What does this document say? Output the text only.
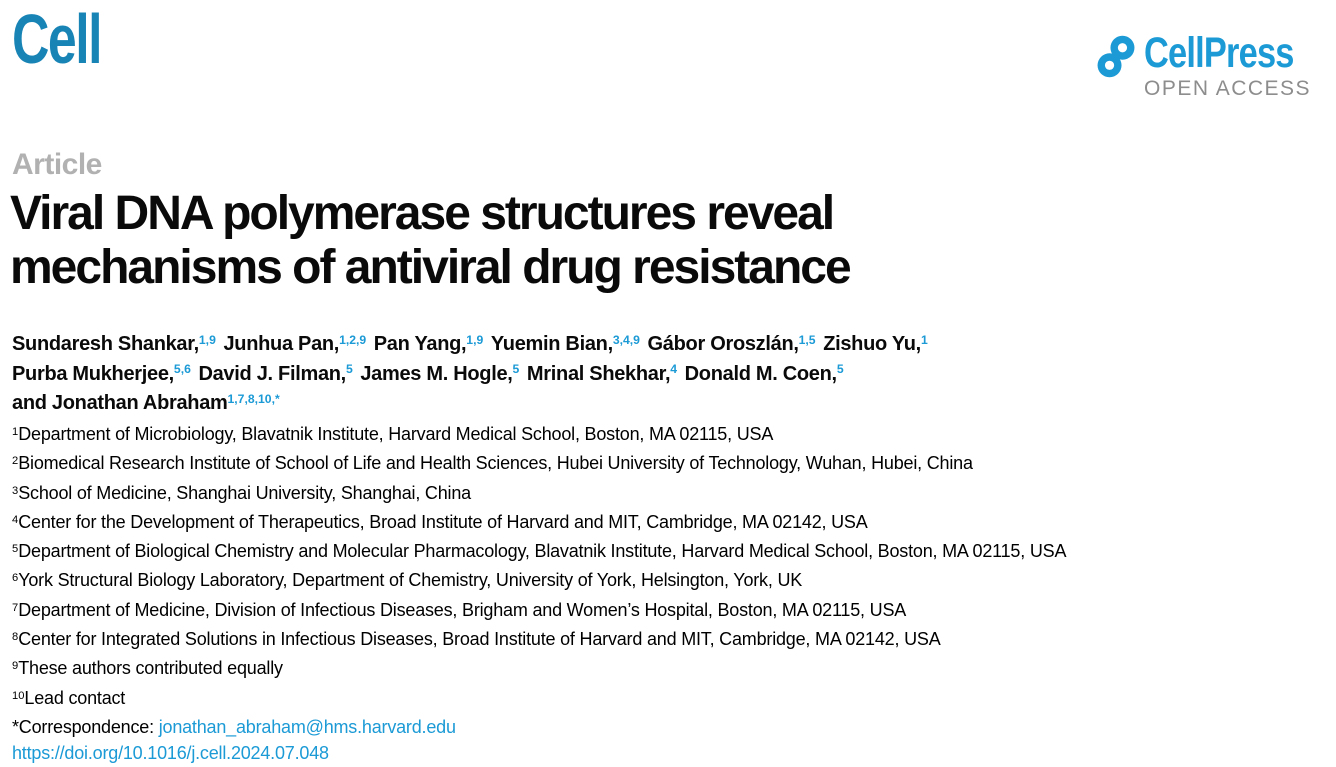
Cell	CellPress
OPEN ACCESS
Article
Viral DNA polymerase structures reveal
mechanisms of antiviral drug resistance
Sundaresh Shankar,$^{1,9}$ Junhua Pan,$^{1,2,9}$ Pan Yang,$^{1,9}$ Yuemin Bian,$^{3,4,9}$ Gábor Oroszlán,$^{1,5}$ Zishuo Yu,$^1$
Purba Mukherjee,$^{5,6}$ David J. Filman,$^5$ James M. Hogle,$^5$ Mrinal Shekhar,$^4$ Donald M. Coen,$^5$
and Jonathan Abraham$^{1,7,8,10,*}$
$^1$Department of Microbiology, Blavatnik Institute, Harvard Medical School, Boston, MA 02115, USA
$^2$Biomedical Research Institute of School of Life and Health Sciences, Hubei University of Technology, Wuhan, Hubei, China
$^3$School of Medicine, Shanghai University, Shanghai, China
$^4$Center for the Development of Therapeutics, Broad Institute of Harvard and MIT, Cambridge, MA 02142, USA
$^5$Department of Biological Chemistry and Molecular Pharmacology, Blavatnik Institute, Harvard Medical School, Boston, MA 02115, USA
$^6$York Structural Biology Laboratory, Department of Chemistry, University of York, Helsington, York, UK
$^7$Department of Medicine, Division of Infectious Diseases, Brigham and Women’s Hospital, Boston, MA 02115, USA
$^8$Center for Integrated Solutions in Infectious Diseases, Broad Institute of Harvard and MIT, Cambridge, MA 02142, USA
$^9$These authors contributed equally
$^{10}$Lead contact
*Correspondence: jonathan_abraham@hms.harvard.edu
https://doi.org/10.1016/j.cell.2024.07.048
